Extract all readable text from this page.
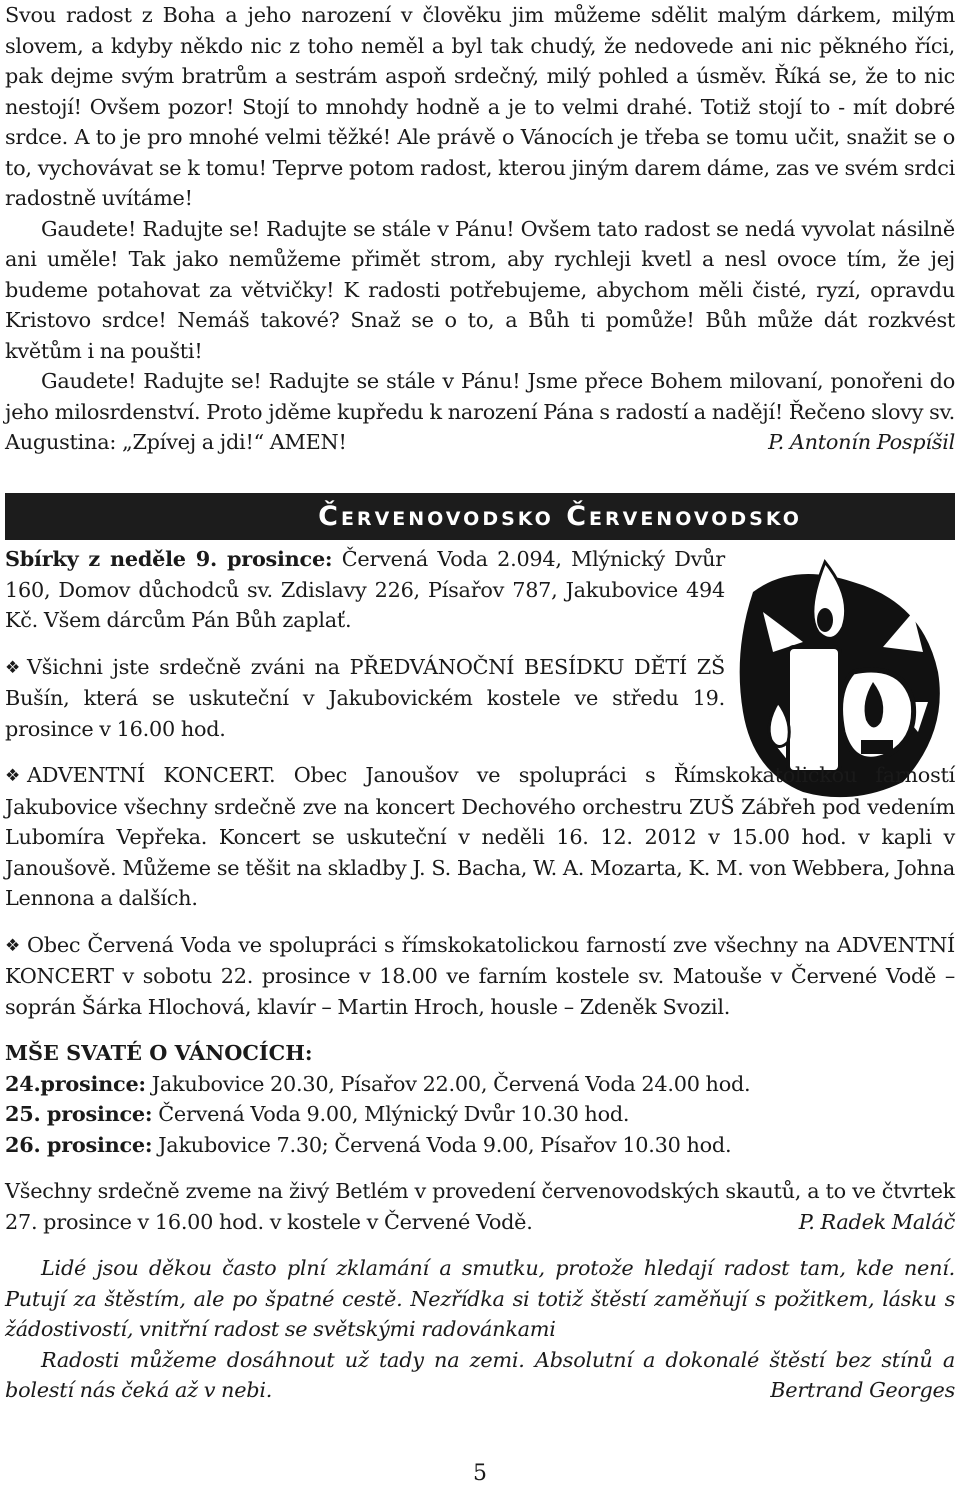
Svou radost z Boha a jeho narození v člověku jim můžeme sdělit malým dárkem, milým slovem, a kdyby někdo nic z toho neměl a byl tak chudý, že nedovede ani nic pěkného říci, pak dejme svým bratrům a sestrám aspoň srdečný, milý pohled a úsměv. Říká se, že to nic nestojí! Ovšem pozor! Stojí to mnohdy hodně a je to velmi drahé. Totiž stojí to - mít dobré srdce. A to je pro mnohé velmi těžké! Ale právě o Vánocích je třeba se tomu učit, snažit se o to, vychovávat se k tomu! Teprve potom radost, kterou jiným darem dáme, zas ve svém srdci radostně uvítáme!

Gaudete! Radujte se! Radujte se stále v Pánu! Ovšem tato radost se nedá vyvolat násilně ani uměle! Tak jako nemůžeme přimět strom, aby rychleji kvetl a nesl ovoce tím, že jej budeme potahovat za větvičky! K radosti potřebujeme, abychom měli čisté, ryzí, opravdu Kristovo srdce! Nemáš takové? Snaž se o to, a Bůh ti pomůže! Bůh může dát rozkvést květům i na poušti!

Gaudete! Radujte se! Radujte se stále v Pánu! Jsme přece Bohem milovaní, ponořeni do jeho milosrdenství. Proto jděme kupředu k narození Pána s radostí a nadějí! Řečeno slovy sv. Augustina: „Zpívej a jdi!“ AMEN!	P. Antonín Pospíšil

Červenovodsko Červenovodsko

Sbírky z neděle 9. prosince: Červená Voda 2.094, Mlýnický Dvůr 160, Domov důchodců sv. Zdislavy 226, Písařov 787, Jakubovice 494 Kč. Všem dárcům Pán Bůh zaplať.

❖ Všichni jste srdečně zváni na PŘEDVÁNOČNÍ BESÍDKU DĚTÍ ZŠ Bušín, která se uskuteční v Jakubovickém kostele ve středu 19. prosince v 16.00 hod.

❖ ADVENTNÍ KONCERT. Obec Janoušov ve spolupráci s Římskokatolickou farností Jakubovice všechny srdečně zve na koncert Dechového orchestru ZUŠ Zábřeh pod vedením Lubomíra Vepřeka. Koncert se uskuteční v neděli 16. 12. 2012 v 15.00 hod. v kapli v Janoušově. Můžeme se těšit na skladby J. S. Bacha, W. A. Mozarta, K. M. von Webbera, Johna Lennona a dalších.

❖ Obec Červená Voda ve spolupráci s římskokatolickou farností zve všechny na ADVENTNÍ KONCERT v sobotu 22. prosince v 18.00 ve farním kostele sv. Matouše v Červené Vodě – soprán Šárka Hlochová, klavír – Martin Hroch, housle – Zdeněk Svozil.

MŠE SVATÉ O VÁNOCÍCH:

24.prosince: Jakubovice 20.30, Písařov 22.00, Červená Voda 24.00 hod.

25. prosince: Červená Voda 9.00, Mlýnický Dvůr 10.30 hod.

26. prosince: Jakubovice 7.30; Červená Voda 9.00, Písařov 10.30 hod.

Všechny srdečně zveme na živý Betlém v provedení červenovodských skautů, a to ve čtvrtek 27. prosince v 16.00 hod. v kostele v Červené Vodě.	P. Radek Maláč

Lidé jsou děkou často plní zklamání a smutku, protože hledají radost tam, kde není. Putují za štěstím, ale po špatné cestě. Nezřídka si totiž štěstí zaměňují s požitkem, lásku s žádostivostí, vnitřní radost se světskými radovánkami

Radosti můžeme dosáhnout už tady na zemi. Absolutní a dokonalé štěstí bez stínů a bolestí nás čeká až v nebi.	Bertrand Georges

5
